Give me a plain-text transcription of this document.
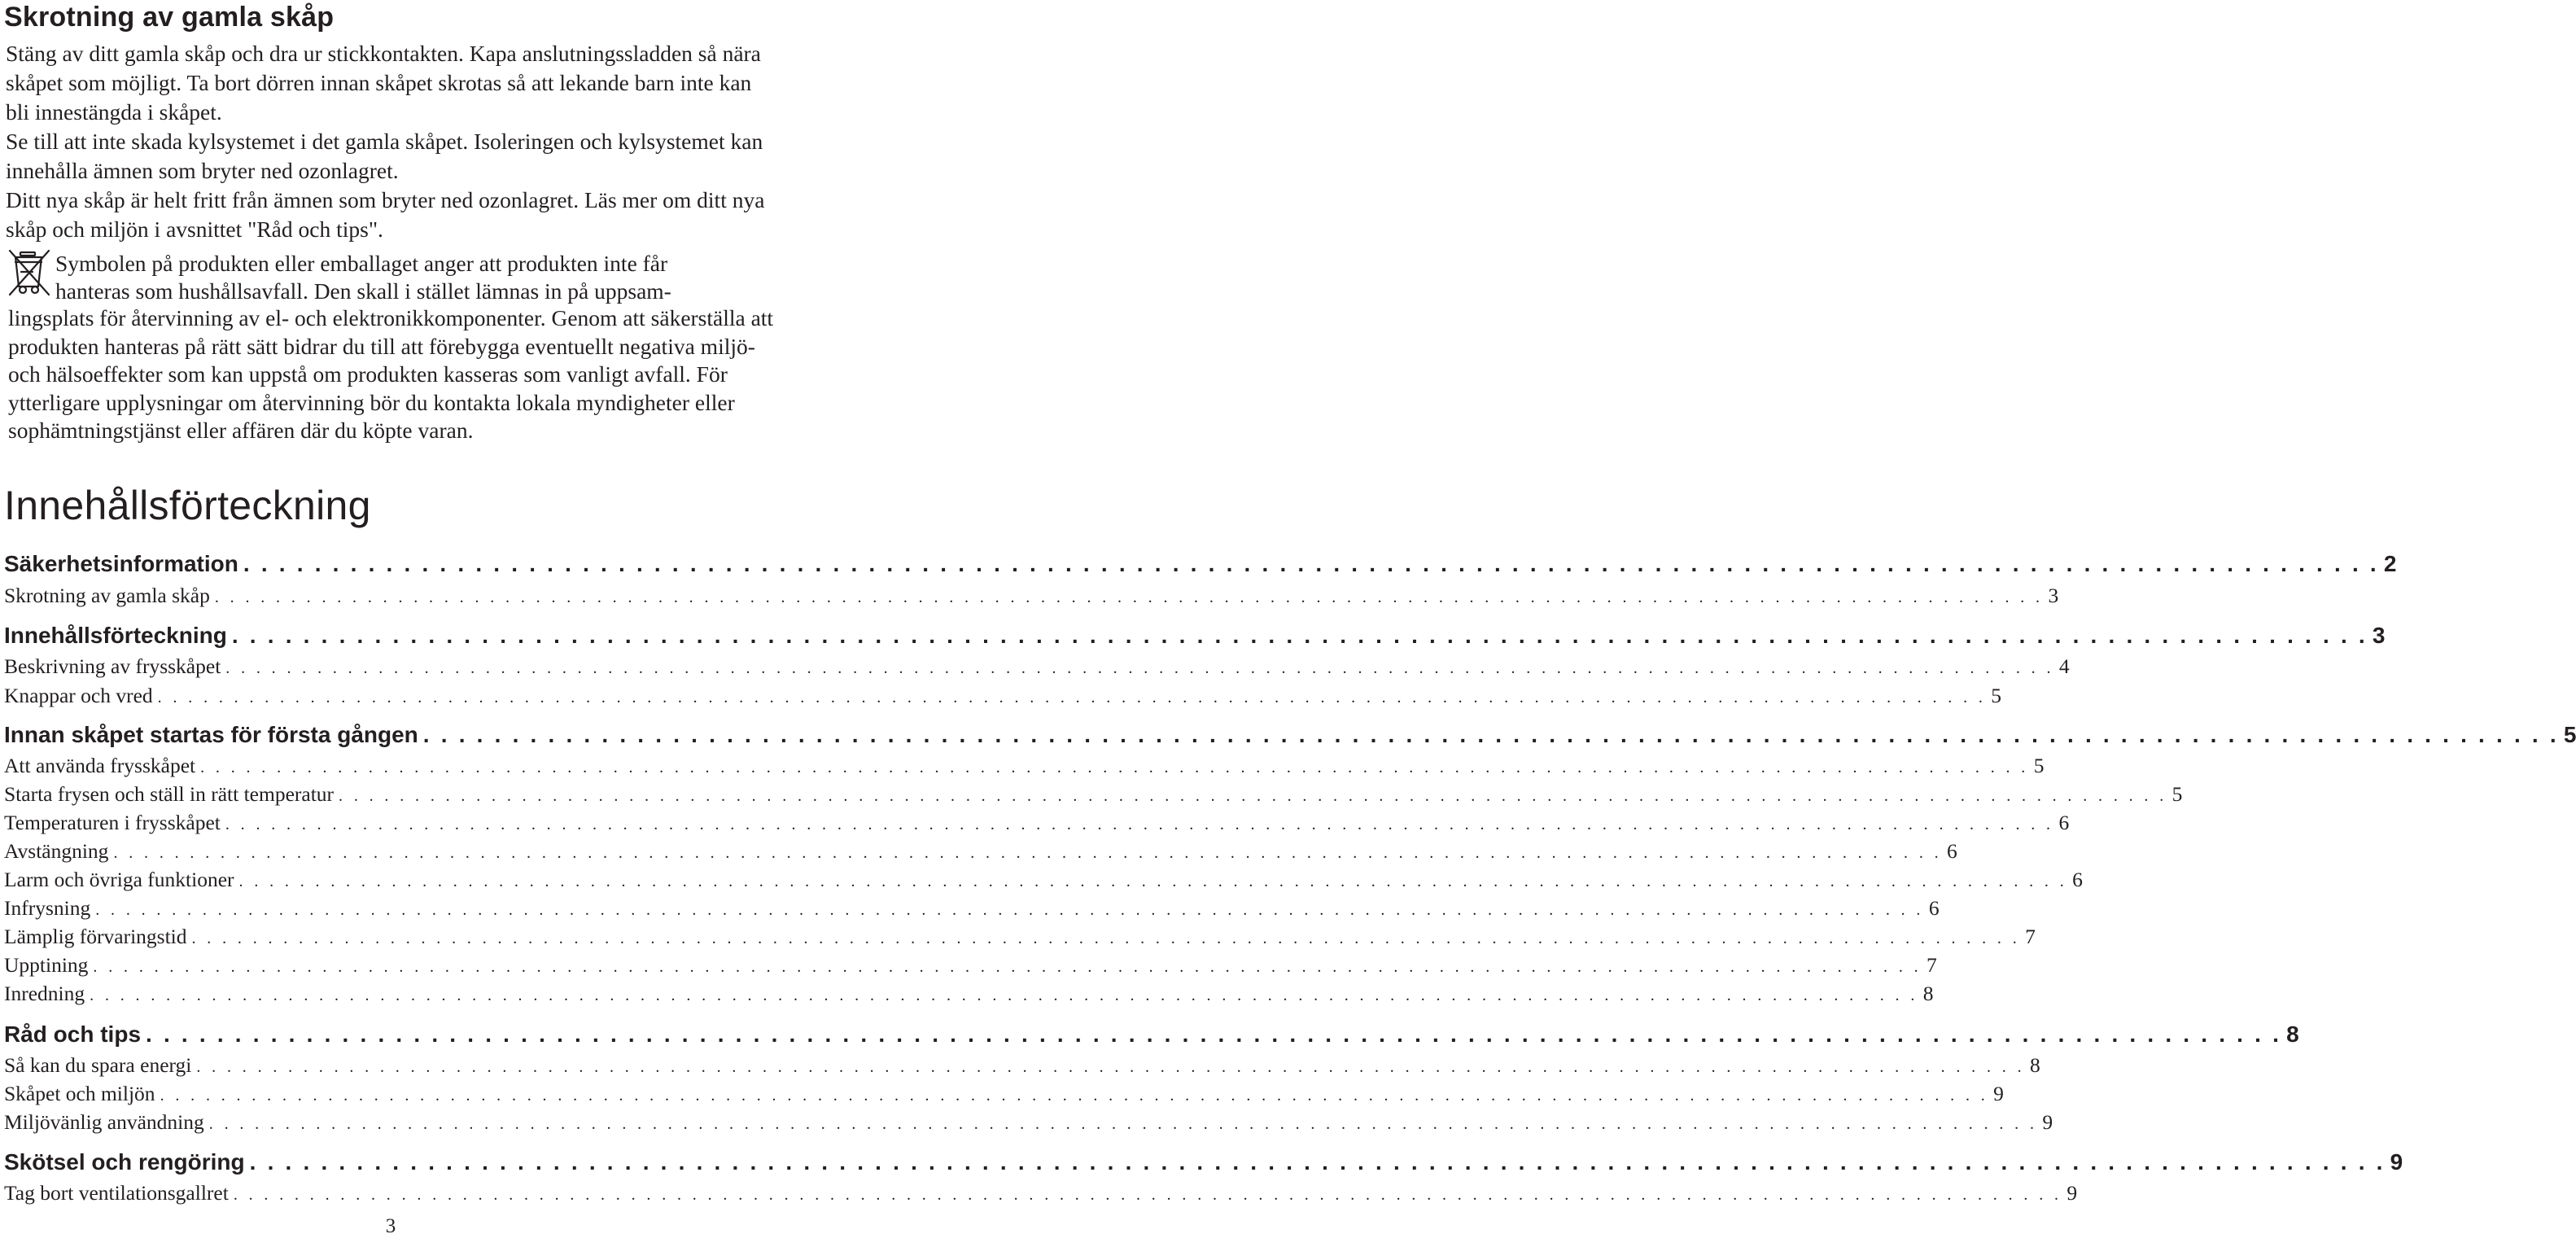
Skrotning av gamla skåp

Stäng av ditt gamla skåp och dra ur stickkontakten. Kapa anslutningssladden så nära skåpet som möjligt. Ta bort dörren innan skåpet skrotas så att lekande barn inte kan bli innestängda i skåpet.

Se till att inte skada kylsystemet i det gamla skåpet. Isoleringen och kylsystemet kan innehålla ämnen som bryter ned ozonlagret.

Ditt nya skåp är helt fritt från ämnen som bryter ned ozonlagret. Läs mer om ditt nya skåp och miljön i avsnittet "Råd och tips".

Symbolen på produkten eller emballaget anger att produkten inte får
hanteras som hushållsavfall. Den skall i stället lämnas in på uppsam-

lingsplats för återvinning av el- och elektronikkomponenter. Genom att säkerställa att produkten hanteras på rätt sätt bidrar du till att förebygga eventuellt negativa miljö- och hälsoeffekter som kan uppstå om produkten kasseras som vanligt avfall. För ytterligare upplysningar om återvinning bör du kontakta lokala myndigheter eller sophämtningstjänst eller affären där du köpte varan.

Innehållsförteckning
Säkerhetsinformation . . . . . . . . . . . . . . . . . . . . . . . . . . . . . . . . . . . . . . . . . . . . . . . . . . . . . . . . . . . . . . . . . . . . . . . . . . . . . . . . . . . . . . . . . . . . . . . . . . . . . . . . . . . . . . . . . . . . . . . . 2
Skrotning av gamla skåp . . . . . . . . . . . . . . . . . . . . . . . . . . . . . . . . . . . . . . . . . . . . . . . . . . . . . . . . . . . . . . . . . . . . . . . . . . . . . . . . . . . . . . . . . . . . . . . . . . . . . . . . . . . . . . . . . . . . . . . . 3
Innehållsförteckning . . . . . . . . . . . . . . . . . . . . . . . . . . . . . . . . . . . . . . . . . . . . . . . . . . . . . . . . . . . . . . . . . . . . . . . . . . . . . . . . . . . . . . . . . . . . . . . . . . . . . . . . . . . . . . . . . . . . . . . . 3
Beskrivning av frysskåpet . . . . . . . . . . . . . . . . . . . . . . . . . . . . . . . . . . . . . . . . . . . . . . . . . . . . . . . . . . . . . . . . . . . . . . . . . . . . . . . . . . . . . . . . . . . . . . . . . . . . . . . . . . . . . . . . . . . . . . . . 4
Knappar och vred . . . . . . . . . . . . . . . . . . . . . . . . . . . . . . . . . . . . . . . . . . . . . . . . . . . . . . . . . . . . . . . . . . . . . . . . . . . . . . . . . . . . . . . . . . . . . . . . . . . . . . . . . . . . . . . . . . . . . . . . 5
Innan skåpet startas för första gången . . . . . . . . . . . . . . . . . . . . . . . . . . . . . . . . . . . . . . . . . . . . . . . . . . . . . . . . . . . . . . . . . . . . . . . . . . . . . . . . . . . . . . . . . . . . . . . . . . . . . . . . . . . . . . . . . . . . . . . . 5
Att använda frysskåpet . . . . . . . . . . . . . . . . . . . . . . . . . . . . . . . . . . . . . . . . . . . . . . . . . . . . . . . . . . . . . . . . . . . . . . . . . . . . . . . . . . . . . . . . . . . . . . . . . . . . . . . . . . . . . . . . . . . . . . . . 5
Starta frysen och ställ in rätt temperatur . . . . . . . . . . . . . . . . . . . . . . . . . . . . . . . . . . . . . . . . . . . . . . . . . . . . . . . . . . . . . . . . . . . . . . . . . . . . . . . . . . . . . . . . . . . . . . . . . . . . . . . . . . . . . . . . . . . . . . . . 5
Temperaturen i frysskåpet . . . . . . . . . . . . . . . . . . . . . . . . . . . . . . . . . . . . . . . . . . . . . . . . . . . . . . . . . . . . . . . . . . . . . . . . . . . . . . . . . . . . . . . . . . . . . . . . . . . . . . . . . . . . . . . . . . . . . . . . 6
Avstängning . . . . . . . . . . . . . . . . . . . . . . . . . . . . . . . . . . . . . . . . . . . . . . . . . . . . . . . . . . . . . . . . . . . . . . . . . . . . . . . . . . . . . . . . . . . . . . . . . . . . . . . . . . . . . . . . . . . . . . . . 6
Larm och övriga funktioner . . . . . . . . . . . . . . . . . . . . . . . . . . . . . . . . . . . . . . . . . . . . . . . . . . . . . . . . . . . . . . . . . . . . . . . . . . . . . . . . . . . . . . . . . . . . . . . . . . . . . . . . . . . . . . . . . . . . . . . . 6
Infrysning . . . . . . . . . . . . . . . . . . . . . . . . . . . . . . . . . . . . . . . . . . . . . . . . . . . . . . . . . . . . . . . . . . . . . . . . . . . . . . . . . . . . . . . . . . . . . . . . . . . . . . . . . . . . . . . . . . . . . . . . 6
Lämplig förvaringstid . . . . . . . . . . . . . . . . . . . . . . . . . . . . . . . . . . . . . . . . . . . . . . . . . . . . . . . . . . . . . . . . . . . . . . . . . . . . . . . . . . . . . . . . . . . . . . . . . . . . . . . . . . . . . . . . . . . . . . . . 7
Upptining . . . . . . . . . . . . . . . . . . . . . . . . . . . . . . . . . . . . . . . . . . . . . . . . . . . . . . . . . . . . . . . . . . . . . . . . . . . . . . . . . . . . . . . . . . . . . . . . . . . . . . . . . . . . . . . . . . . . . . . . 7
Inredning . . . . . . . . . . . . . . . . . . . . . . . . . . . . . . . . . . . . . . . . . . . . . . . . . . . . . . . . . . . . . . . . . . . . . . . . . . . . . . . . . . . . . . . . . . . . . . . . . . . . . . . . . . . . . . . . . . . . . . . . 8
Råd och tips . . . . . . . . . . . . . . . . . . . . . . . . . . . . . . . . . . . . . . . . . . . . . . . . . . . . . . . . . . . . . . . . . . . . . . . . . . . . . . . . . . . . . . . . . . . . . . . . . . . . . . . . . . . . . . . . . . . . . . . . 8
Så kan du spara energi . . . . . . . . . . . . . . . . . . . . . . . . . . . . . . . . . . . . . . . . . . . . . . . . . . . . . . . . . . . . . . . . . . . . . . . . . . . . . . . . . . . . . . . . . . . . . . . . . . . . . . . . . . . . . . . . . . . . . . . . 8
Skåpet och miljön . . . . . . . . . . . . . . . . . . . . . . . . . . . . . . . . . . . . . . . . . . . . . . . . . . . . . . . . . . . . . . . . . . . . . . . . . . . . . . . . . . . . . . . . . . . . . . . . . . . . . . . . . . . . . . . . . . . . . . . . 9
Miljövänlig användning . . . . . . . . . . . . . . . . . . . . . . . . . . . . . . . . . . . . . . . . . . . . . . . . . . . . . . . . . . . . . . . . . . . . . . . . . . . . . . . . . . . . . . . . . . . . . . . . . . . . . . . . . . . . . . . . . . . . . . . . 9
Skötsel och rengöring . . . . . . . . . . . . . . . . . . . . . . . . . . . . . . . . . . . . . . . . . . . . . . . . . . . . . . . . . . . . . . . . . . . . . . . . . . . . . . . . . . . . . . . . . . . . . . . . . . . . . . . . . . . . . . . . . . . . . . . . 9
Tag bort ventilationsgallret . . . . . . . . . . . . . . . . . . . . . . . . . . . . . . . . . . . . . . . . . . . . . . . . . . . . . . . . . . . . . . . . . . . . . . . . . . . . . . . . . . . . . . . . . . . . . . . . . . . . . . . . . . . . . . . . . . . . . . . . 9
3
